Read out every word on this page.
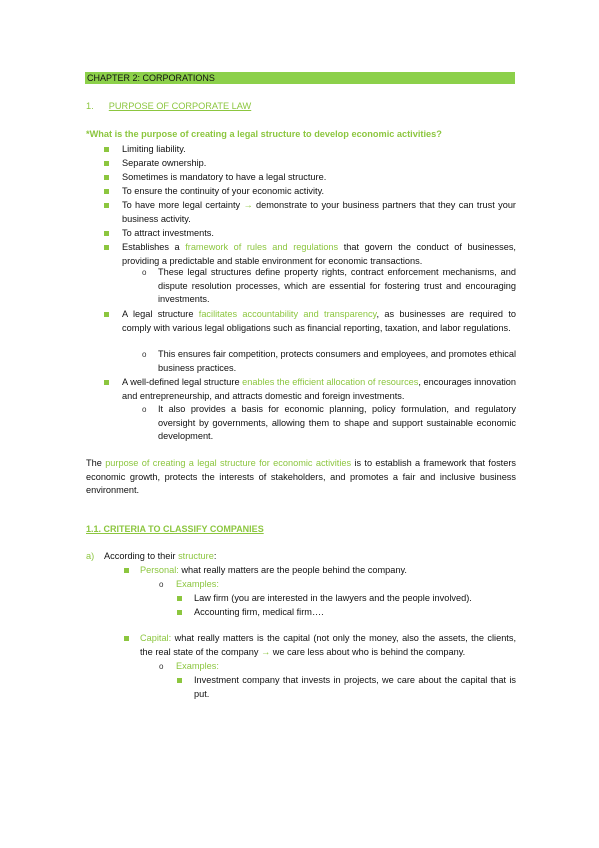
CHAPTER 2: CORPORATIONS
1. PURPOSE OF CORPORATE LAW
*What is the purpose of creating a legal structure to develop economic activities?
Limiting liability.
Separate ownership.
Sometimes is mandatory to have a legal structure.
To ensure the continuity of your economic activity.
To have more legal certainty → demonstrate to your business partners that they can trust your business activity.
To attract investments.
Establishes a framework of rules and regulations that govern the conduct of businesses, providing a predictable and stable environment for economic transactions.
o These legal structures define property rights, contract enforcement mechanisms, and dispute resolution processes, which are essential for fostering trust and encouraging investments.
A legal structure facilitates accountability and transparency, as businesses are required to comply with various legal obligations such as financial reporting, taxation, and labor regulations.
o This ensures fair competition, protects consumers and employees, and promotes ethical business practices.
A well-defined legal structure enables the efficient allocation of resources, encourages innovation and entrepreneurship, and attracts domestic and foreign investments.
o It also provides a basis for economic planning, policy formulation, and regulatory oversight by governments, allowing them to shape and support sustainable economic development.
The purpose of creating a legal structure for economic activities is to establish a framework that fosters economic growth, protects the interests of stakeholders, and promotes a fair and inclusive business environment.
1.1. CRITERIA TO CLASSIFY COMPANIES
a) According to their structure:
Personal: what really matters are the people behind the company.
o Examples:
Law firm (you are interested in the lawyers and the people involved).
Accounting firm, medical firm….
Capital: what really matters is the capital (not only the money, also the assets, the clients, the real state of the company → we care less about who is behind the company.
o Examples:
Investment company that invests in projects, we care about the capital that is put.
